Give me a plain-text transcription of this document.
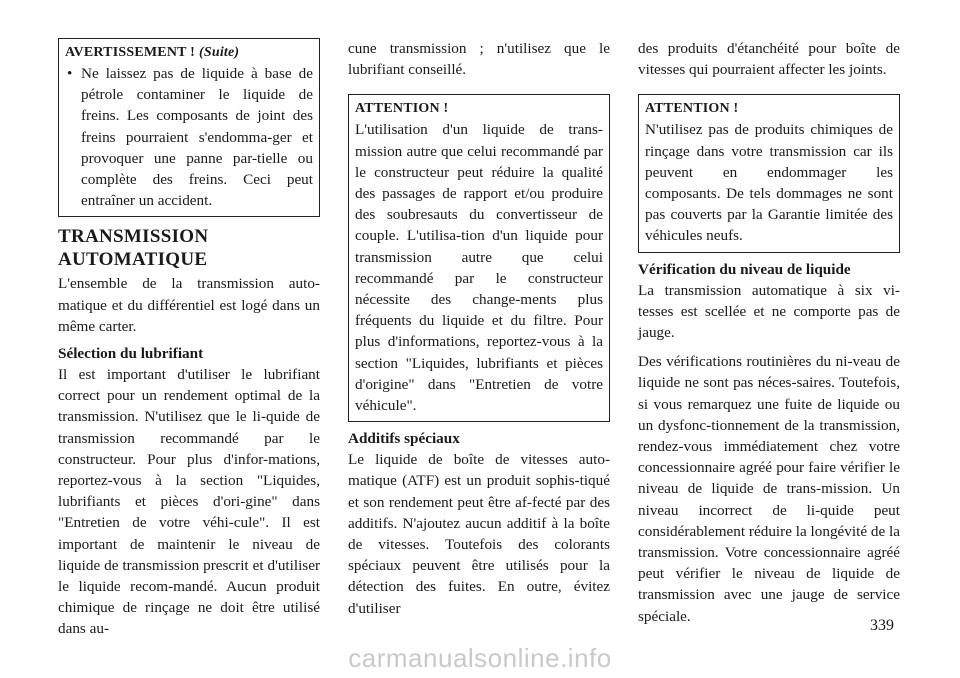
AVERTISSEMENT ! (Suite)
• Ne laissez pas de liquide à base de pétrole contaminer le liquide de freins. Les composants de joint des freins pourraient s'endomma-ger et provoquer une panne par-tielle ou complète des freins. Ceci peut entraîner un accident.
TRANSMISSION AUTOMATIQUE

L'ensemble de la transmission auto-matique et du différentiel est logé dans un même carter.

Sélection du lubrifiant

Il est important d'utiliser le lubrifiant correct pour un rendement optimal de la transmission. N'utilisez que le li-quide de transmission recommandé par le constructeur. Pour plus d'infor-mations, reportez-vous à la section "Liquides, lubrifiants et pièces d'ori-gine" dans "Entretien de votre véhi-cule". Il est important de maintenir le niveau de liquide de transmission prescrit et d'utiliser le liquide recom-mandé. Aucun produit chimique de rinçage ne doit être utilisé dans au-

cune transmission ; n'utilisez que le lubrifiant conseillé.

ATTENTION !

L'utilisation d'un liquide de trans-mission autre que celui recommandé par le constructeur peut réduire la qualité des passages de rapport et/ou produire des soubresauts du convertisseur de couple. L'utilisa-tion d'un liquide pour transmission autre que celui recommandé par le constructeur nécessite des change-ments plus fréquents du liquide et du filtre. Pour plus d'informations, reportez-vous à la section "Liquides, lubrifiants et pièces d'origine" dans "Entretien de votre véhicule".

Additifs spéciaux

Le liquide de boîte de vitesses auto-matique (ATF) est un produit sophis-tiqué et son rendement peut être af-fecté par des additifs. N'ajoutez aucun additif à la boîte de vitesses. Toutefois des colorants spéciaux peuvent être utilisés pour la détection des fuites. En outre, évitez d'utiliser

des produits d'étanchéité pour boîte de vitesses qui pourraient affecter les joints.

ATTENTION !

N'utilisez pas de produits chimiques de rinçage dans votre transmission car ils peuvent en endommager les composants. De tels dommages ne sont pas couverts par la Garantie limitée des véhicules neufs.

Vérification du niveau de liquide

La transmission automatique à six vi-tesses est scellée et ne comporte pas de jauge.

Des vérifications routinières du ni-veau de liquide ne sont pas néces-saires. Toutefois, si vous remarquez une fuite de liquide ou un dysfonc-tionnement de la transmission, rendez-vous immédiatement chez votre concessionnaire agréé pour faire vérifier le niveau de liquide de trans-mission. Un niveau incorrect de li-quide peut considérablement réduire la longévité de la transmission. Votre concessionnaire agréé peut vérifier le niveau de liquide de transmission avec une jauge de service spéciale.

339
carmanualsonline.info
